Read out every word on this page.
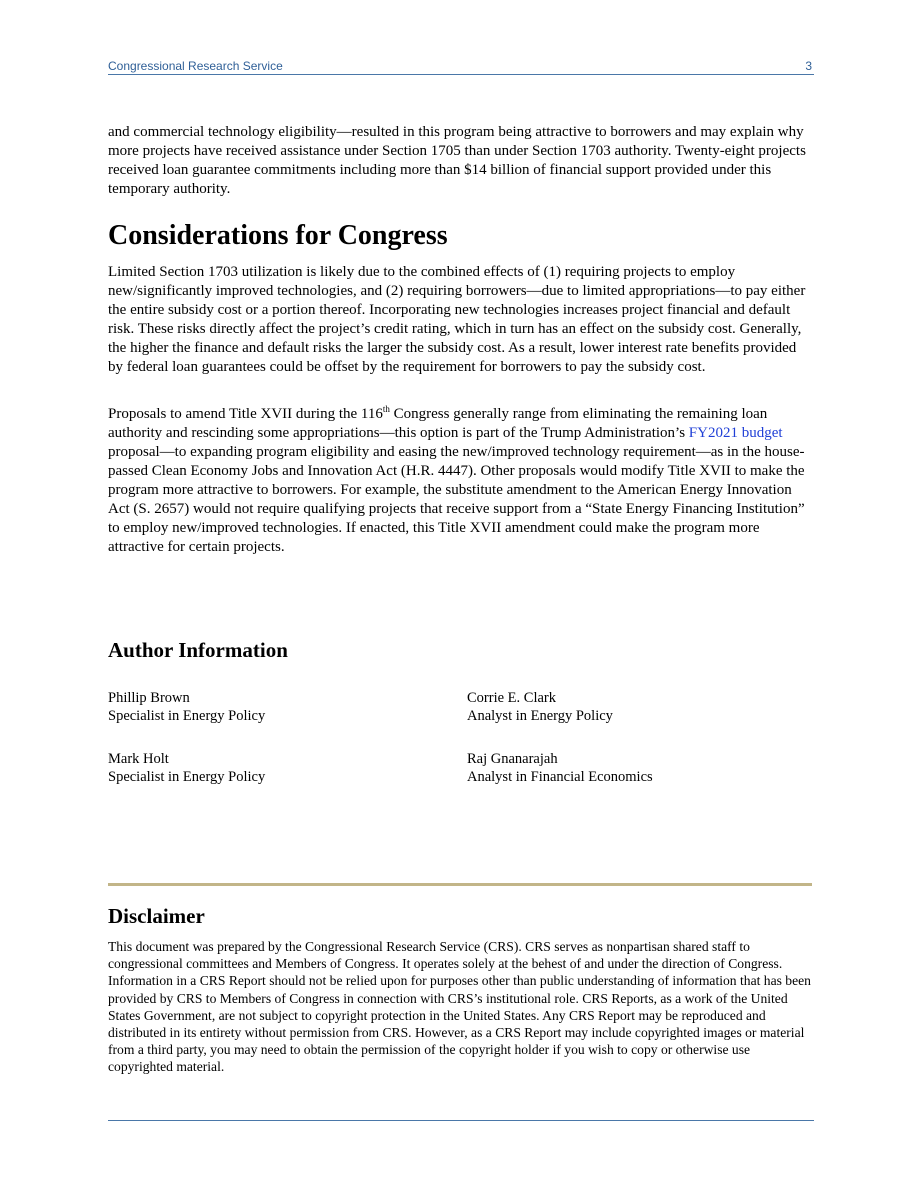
Congressional Research Service	3

and commercial technology eligibility—resulted in this program being attractive to borrowers and may explain why more projects have received assistance under Section 1705 than under Section 1703 authority. Twenty-eight projects received loan guarantee commitments including more than $14 billion of financial support provided under this temporary authority.

Considerations for Congress

Limited Section 1703 utilization is likely due to the combined effects of (1) requiring projects to employ new/significantly improved technologies, and (2) requiring borrowers—due to limited appropriations—to pay either the entire subsidy cost or a portion thereof. Incorporating new technologies increases project financial and default risk. These risks directly affect the project’s credit rating, which in turn has an effect on the subsidy cost. Generally, the higher the finance and default risks the larger the subsidy cost. As a result, lower interest rate benefits provided by federal loan guarantees could be offset by the requirement for borrowers to pay the subsidy cost.

Proposals to amend Title XVII during the 116th Congress generally range from eliminating the remaining loan authority and rescinding some appropriations—this option is part of the Trump Administration’s FY2021 budget proposal—to expanding program eligibility and easing the new/improved technology requirement—as in the house-passed Clean Economy Jobs and Innovation Act (H.R. 4447). Other proposals would modify Title XVII to make the program more attractive to borrowers. For example, the substitute amendment to the American Energy Innovation Act (S. 2657) would not require qualifying projects that receive support from a “State Energy Financing Institution” to employ new/improved technologies. If enacted, this Title XVII amendment could make the program more attractive for certain projects.

Author Information
Phillip Brown
Specialist in Energy Policy
Corrie E. Clark
Analyst in Energy Policy
Mark Holt
Specialist in Energy Policy
Raj Gnanarajah
Analyst in Financial Economics
Disclaimer

This document was prepared by the Congressional Research Service (CRS). CRS serves as nonpartisan shared staff to congressional committees and Members of Congress. It operates solely at the behest of and under the direction of Congress. Information in a CRS Report should not be relied upon for purposes other than public understanding of information that has been provided by CRS to Members of Congress in connection with CRS’s institutional role. CRS Reports, as a work of the United States Government, are not subject to copyright protection in the United States. Any CRS Report may be reproduced and distributed in its entirety without permission from CRS. However, as a CRS Report may include copyrighted images or material from a third party, you may need to obtain the permission of the copyright holder if you wish to copy or otherwise use copyrighted material.
